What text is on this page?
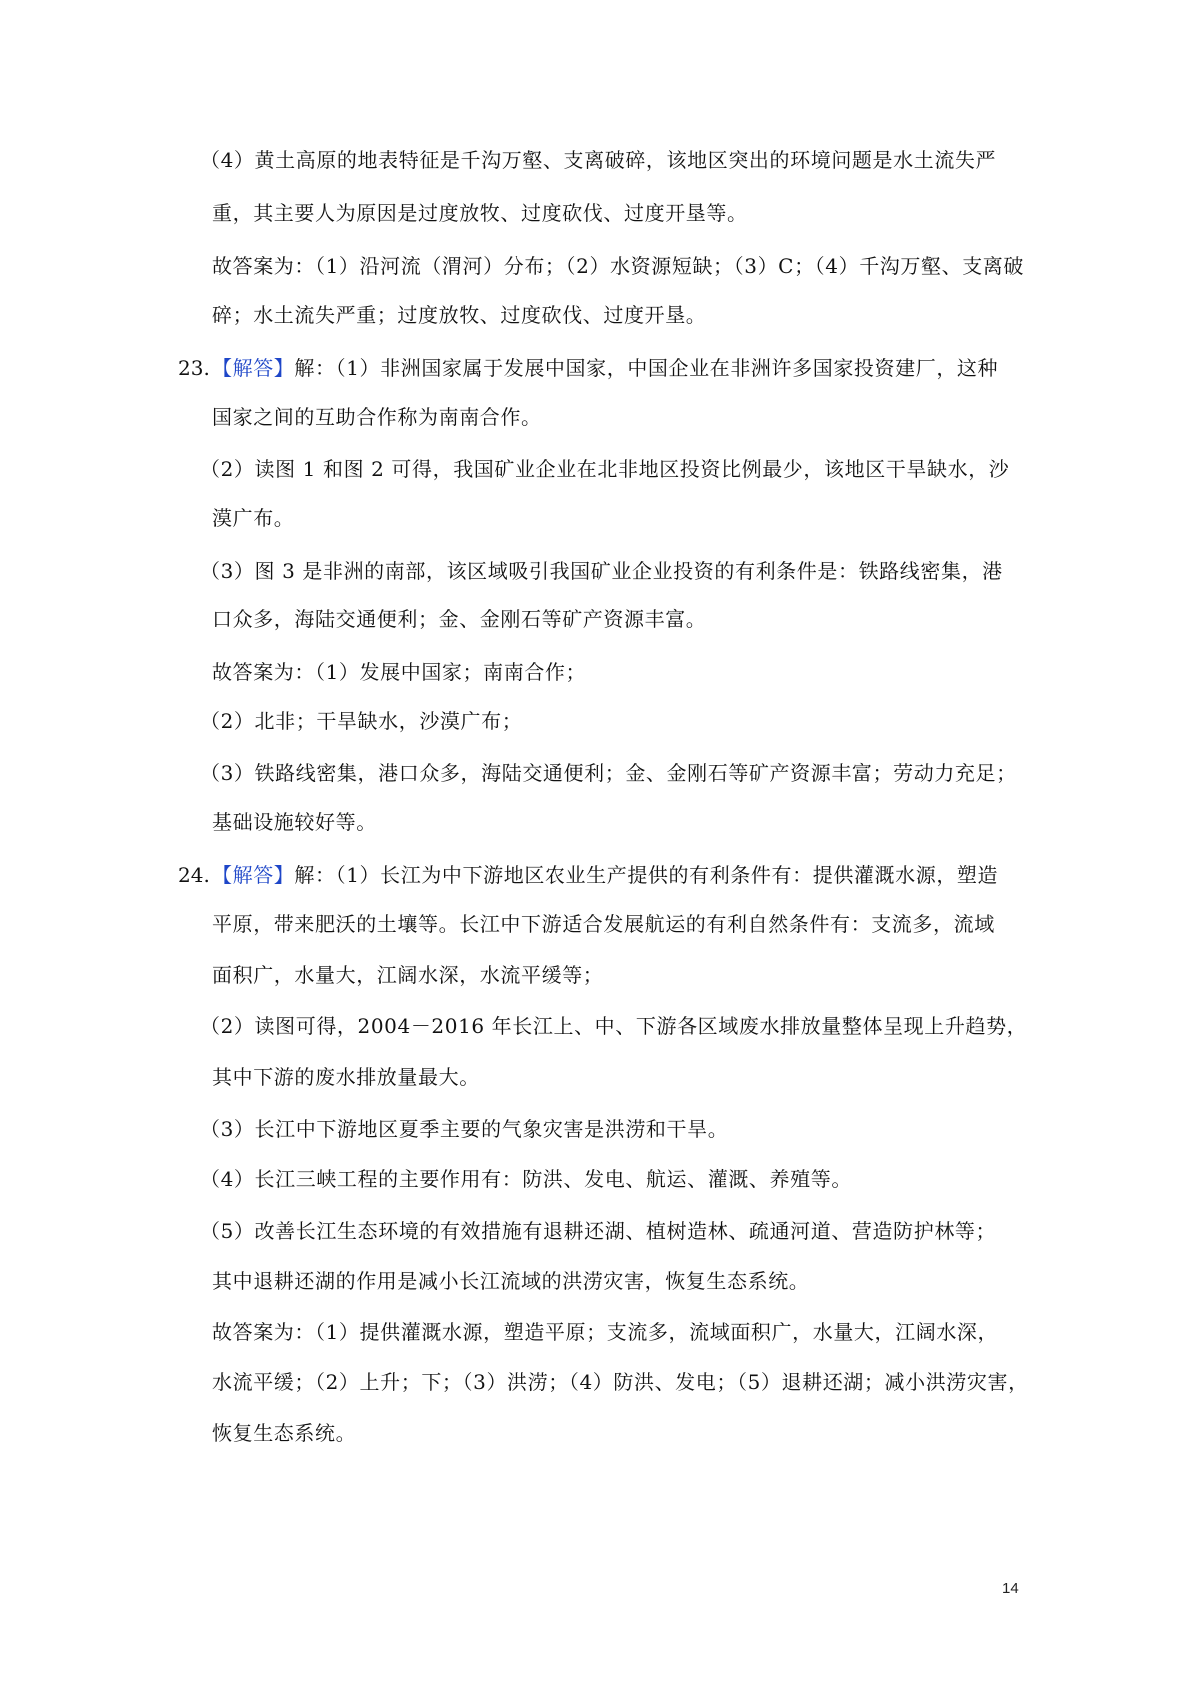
（4）黄土高原的地表特征是千沟万壑、支离破碎，该地区突出的环境问题是水土流失严
重，其主要人为原因是过度放牧、过度砍伐、过度开垦等。
故答案为：（1）沿河流（渭河）分布；（2）水资源短缺；（3）C；（4）千沟万壑、支离破
碎；水土流失严重；过度放牧、过度砍伐、过度开垦。
23. 【解答】解：（1）非洲国家属于发展中国家，中国企业在非洲许多国家投资建厂，这种
国家之间的互助合作称为南南合作。
（2）读图 1 和图 2 可得，我国矿业企业在北非地区投资比例最少，该地区干旱缺水，沙
漠广布。
（3）图 3 是非洲的南部，该区域吸引我国矿业企业投资的有利条件是：铁路线密集，港
口众多，海陆交通便利；金、金刚石等矿产资源丰富。
故答案为：（1）发展中国家；南南合作；
（2）北非；干旱缺水，沙漠广布；
（3）铁路线密集，港口众多，海陆交通便利；金、金刚石等矿产资源丰富；劳动力充足；
基础设施较好等。
24. 【解答】解：（1）长江为中下游地区农业生产提供的有利条件有：提供灌溉水源，塑造
平原，带来肥沃的土壤等。长江中下游适合发展航运的有利自然条件有：支流多，流域
面积广，水量大，江阔水深，水流平缓等；
（2）读图可得，2004－2016 年长江上、中、下游各区域废水排放量整体呈现上升趋势，
其中下游的废水排放量最大。
（3）长江中下游地区夏季主要的气象灾害是洪涝和干旱。
（4）长江三峡工程的主要作用有：防洪、发电、航运、灌溉、养殖等。
（5）改善长江生态环境的有效措施有退耕还湖、植树造林、疏通河道、营造防护林等；
其中退耕还湖的作用是减小长江流域的洪涝灾害，恢复生态系统。
故答案为：（1）提供灌溉水源，塑造平原；支流多，流域面积广，水量大，江阔水深，
水流平缓；（2）上升；下；（3）洪涝；（4）防洪、发电；（5）退耕还湖；减小洪涝灾害，
恢复生态系统。
14
